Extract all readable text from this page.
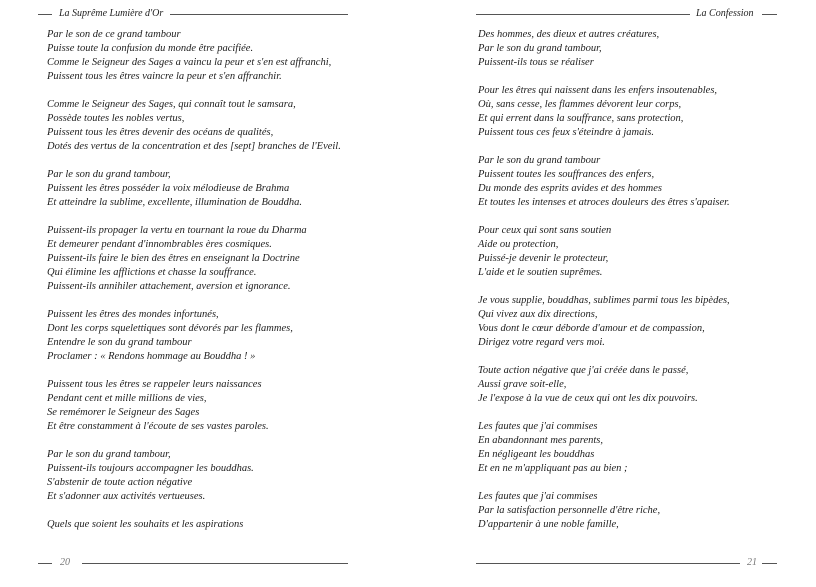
La Suprême Lumière d'Or
Par le son de ce grand tambour
Puisse toute la confusion du monde être pacifiée.
Comme le Seigneur des Sages a vaincu la peur et s'en est affranchi,
Puissent tous les êtres vaincre la peur et s'en affranchir.
Comme le Seigneur des Sages, qui connaît tout le samsara,
Possède toutes les nobles vertus,
Puissent tous les êtres devenir des océans de qualités,
Dotés des vertus de la concentration et des [sept] branches de l'Eveil.
Par le son du grand tambour,
Puissent les êtres posséder la voix mélodieuse de Brahma
Et atteindre la sublime, excellente, illumination de Bouddha.
Puissent-ils propager la vertu en tournant la roue du Dharma
Et demeurer pendant d'innombrables ères cosmiques.
Puissent-ils faire le bien des êtres en enseignant la Doctrine
Qui élimine les afflictions et chasse la souffrance.
Puissent-ils annihiler attachement, aversion et ignorance.
Puissent les êtres des mondes infortunés,
Dont les corps squelettiques sont dévorés par les flammes,
Entendre le son du grand tambour
Proclamer : « Rendons hommage au Bouddha ! »
Puissent tous les êtres se rappeler leurs naissances
Pendant cent et mille millions de vies,
Se remémorer le Seigneur des Sages
Et être constamment à l'écoute de ses vastes paroles.
Par le son du grand tambour,
Puissent-ils toujours accompagner les bouddhas.
S'abstenir de toute action négative
Et s'adonner aux activités vertueuses.
Quels que soient les souhaits et les aspirations
20
La Confession
Des hommes, des dieux et autres créatures,
Par le son du grand tambour,
Puissent-ils tous se réaliser
Pour les êtres qui naissent dans les enfers insoutenables,
Où, sans cesse, les flammes dévorent leur corps,
Et qui errent dans la souffrance, sans protection,
Puissent tous ces feux s'éteindre à jamais.
Par le son du grand tambour
Puissent toutes les souffrances des enfers,
Du monde des esprits avides et des hommes
Et toutes les intenses et atroces douleurs des êtres s'apaiser.
Pour ceux qui sont sans soutien
Aide ou protection,
Puissé-je devenir le protecteur,
L'aide et le soutien suprêmes.
Je vous supplie, bouddhas, sublimes parmi tous les bipèdes,
Qui vivez aux dix directions,
Vous dont le cœur déborde d'amour et de compassion,
Dirigez votre regard vers moi.
Toute action négative que j'ai créée dans le passé,
Aussi grave soit-elle,
Je l'expose à la vue de ceux qui ont les dix pouvoirs.
Les fautes que j'ai commises
En abandonnant mes parents,
En négligeant les bouddhas
Et en ne m'appliquant pas au bien ;
Les fautes que j'ai commises
Par la satisfaction personnelle d'être riche,
D'appartenir à une noble famille,
21
